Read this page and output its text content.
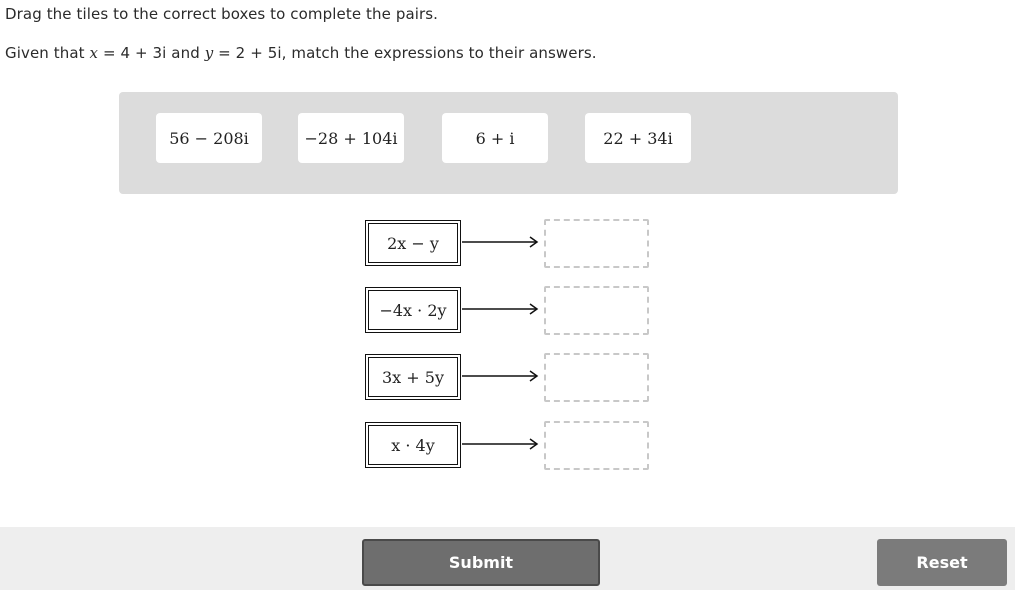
Drag the tiles to the correct boxes to complete the pairs.
Given that x = 4 + 3i and y = 2 + 5i, match the expressions to their answers.
56 − 208i	−28 + 104i	6 + i	22 + 34i
2x − y
−4x · 2y
3x + 5y
x · 4y
Submit	Reset
